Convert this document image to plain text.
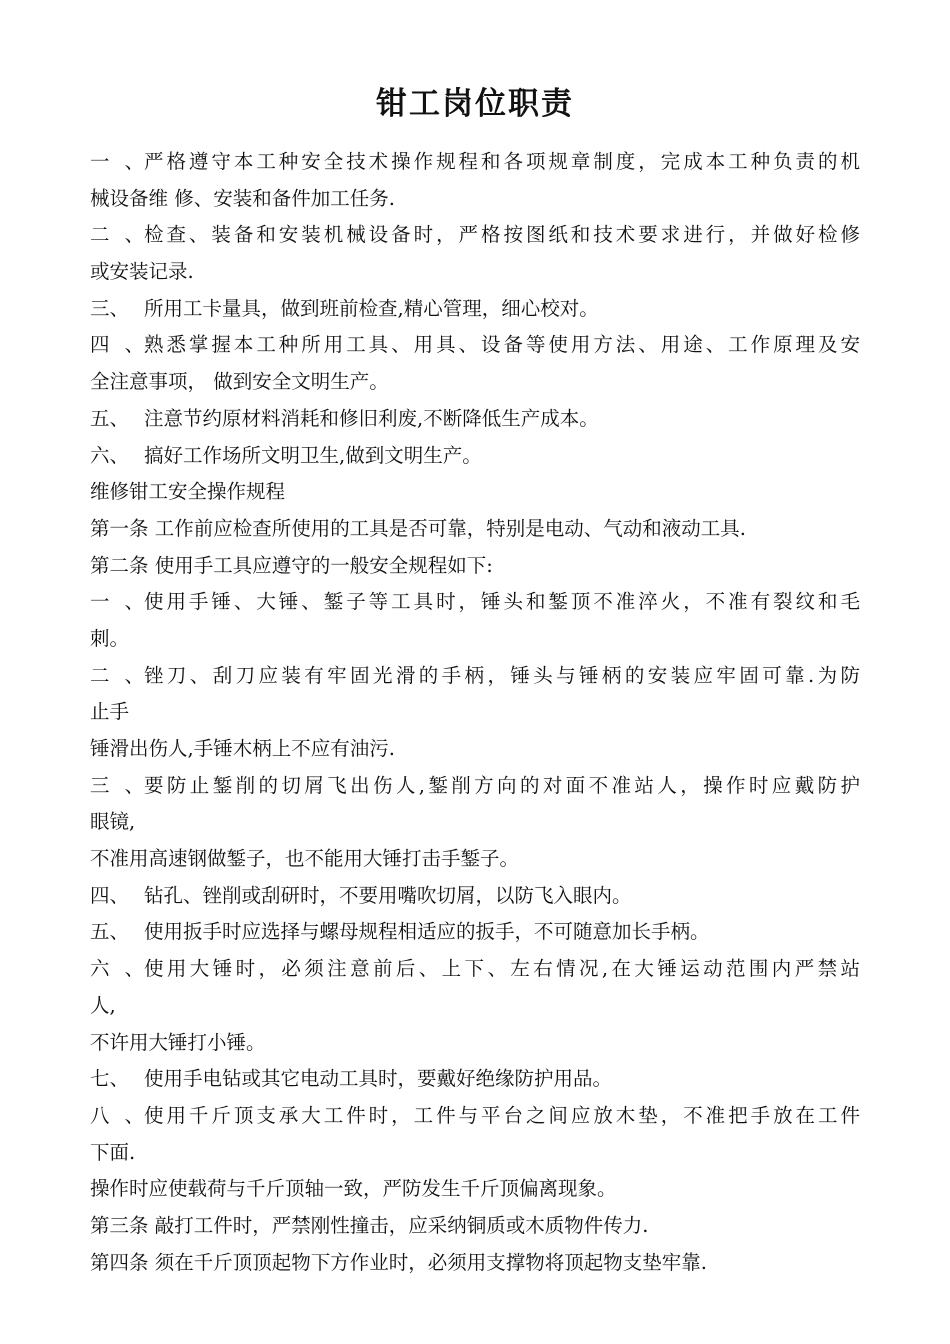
钳工岗位职责
一、严格遵守本工种安全技术操作规程和各项规章制度，完成本工种负责的机
械设备维 修、安装和备件加工任务.
二、检查、装备和安装机械设备时，严格按图纸和技术要求进行，并做好检修
或安装记录.
三、 所用工卡量具，做到班前检查,精心管理，细心校对。
四、熟悉掌握本工种所用工具、用具、设备等使用方法、用途、工作原理及安
全注意事项， 做到安全文明生产。
五、 注意节约原材料消耗和修旧利废,不断降低生产成本。
六、 搞好工作场所文明卫生,做到文明生产。
维修钳工安全操作规程
第一条 工作前应检查所使用的工具是否可靠，特别是电动、气动和液动工具.
第二条 使用手工具应遵守的一般安全规程如下:
一、使用手锤、大锤、錾子等工具时，锤头和錾顶不准淬火，不准有裂纹和毛
刺。
二、锉刀、刮刀应装有牢固光滑的手柄，锤头与锤柄的安装应牢固可靠.为防
止手
锤滑出伤人,手锤木柄上不应有油污.
三、要防止錾削的切屑飞出伤人,錾削方向的对面不准站人，操作时应戴防护
眼镜,
不准用高速钢做錾子，也不能用大锤打击手錾子。
四、 钻孔、锉削或刮研时，不要用嘴吹切屑，以防飞入眼内。
五、 使用扳手时应选择与螺母规程相适应的扳手，不可随意加长手柄。
六、使用大锤时，必须注意前后、上下、左右情况,在大锤运动范围内严禁站
人,
不许用大锤打小锤。
七、 使用手电钻或其它电动工具时，要戴好绝缘防护用品。
八、使用千斤顶支承大工件时，工件与平台之间应放木垫，不准把手放在工件
下面.
操作时应使载荷与千斤顶轴一致，严防发生千斤顶偏离现象。
第三条 敲打工件时，严禁刚性撞击，应采纳铜质或木质物件传力.
第四条 须在千斤顶顶起物下方作业时，必须用支撑物将顶起物支垫牢靠.
